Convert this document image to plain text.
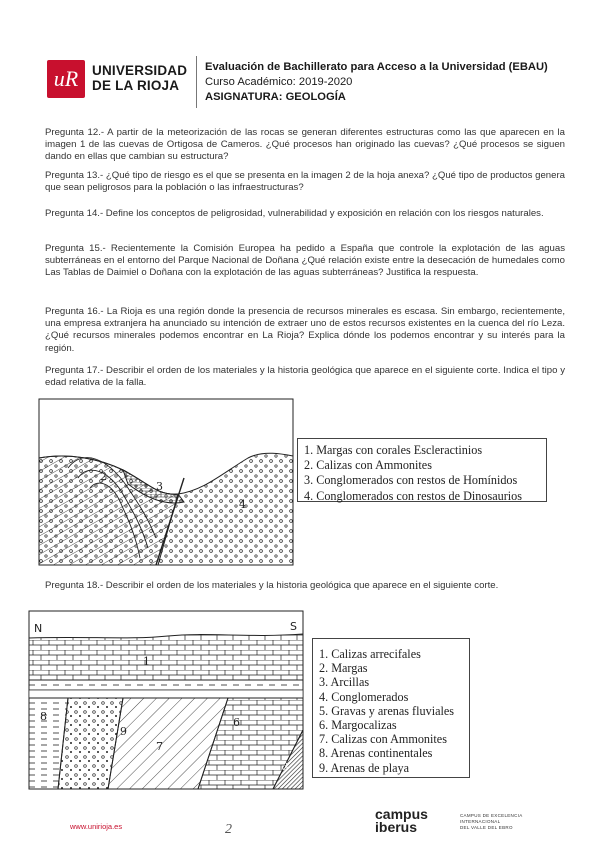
uR	UNIVERSIDAD
DE LA RIOJA
Evaluación de Bachillerato para Acceso a la Universidad (EBAU)
Curso Académico: 2019-2020
ASIGNATURA: GEOLOGÍA
Pregunta 12.- A partir de la meteorización de las rocas se generan diferentes estructuras como las que aparecen en la imagen 1 de las cuevas de Ortigosa de Cameros. ¿Qué procesos han originado las cuevas? ¿Qué procesos se siguen dando en ellas que cambian su estructura?
Pregunta 13.- ¿Qué tipo de riesgo es el que se presenta en la imagen 2 de la hoja anexa? ¿Qué tipo de productos genera que sean peligrosos para la población o las infraestructuras?
Pregunta 14.- Define los conceptos de peligrosidad, vulnerabilidad y exposición en relación con los riesgos naturales.
Pregunta 15.- Recientemente la Comisión Europea ha pedido a España que controle la explotación de las aguas subterráneas en el entorno del Parque Nacional de Doñana ¿Qué relación existe entre la desecación de humedales como Las Tablas de Daimiel o Doñana con la explotación de las aguas subterráneas? Justifica la respuesta.
Pregunta 16.- La Rioja es una región donde la presencia de recursos minerales es escasa. Sin embargo, recientemente, una empresa extranjera ha anunciado su intención de extraer uno de estos recursos existentes en la cuenca del río Leza. ¿Qué recursos minerales podemos encontrar en La Rioja? Explica dónde los podemos encontrar y su interés para la región.
Pregunta 17.- Describir el orden de los materiales y la historia geológica que aparece en el siguiente corte. Indica el tipo y edad relativa de la falla.
2
3
4
1. Margas con corales Escleractinios
2. Calizas con Ammonites
3. Conglomerados con restos de Homínidos
4. Conglomerados con restos de Dinosaurios
Pregunta 18.- Describir el orden de los materiales y la historia geológica que aparece en el siguiente corte.
N	S
1
8
9
7
6
3
1. Calizas arrecifales
2. Margas
3. Arcillas
4. Conglomerados
5. Gravas y arenas fluviales
6. Margocalizas
7. Calizas con Ammonites
8. Arenas continentales
9. Arenas de playa
www.unirioja.es	2
campus
iberus
CAMPUS DE EXCELENCIA
INTERNACIONAL
DEL VALLE DEL EBRO
